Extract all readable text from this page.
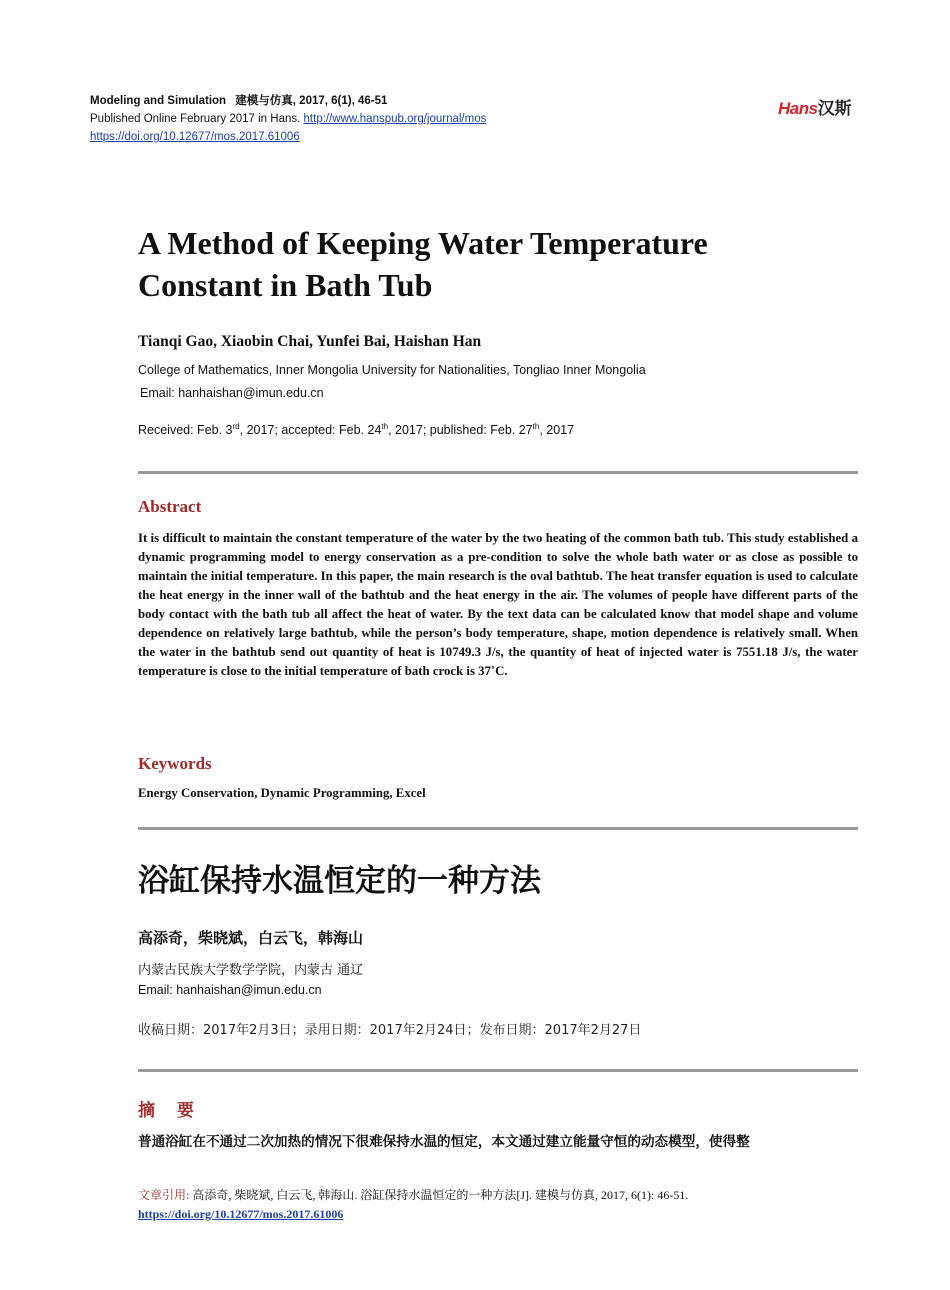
Modeling and Simulation 建模与仿真, 2017, 6(1), 46-51
Published Online February 2017 in Hans. http://www.hanspub.org/journal/mos
https://doi.org/10.12677/mos.2017.61006
Hans汉斯
A Method of Keeping Water Temperature
Constant in Bath Tub
Tianqi Gao, Xiaobin Chai, Yunfei Bai, Haishan Han
College of Mathematics, Inner Mongolia University for Nationalities, Tongliao Inner Mongolia
Email: hanhaishan@imun.edu.cn
Received: Feb. 3rd, 2017; accepted: Feb. 24th, 2017; published: Feb. 27th, 2017
Abstract
It is difficult to maintain the constant temperature of the water by the two heating of the common bath tub. This study established a dynamic programming model to energy conservation as a pre-condition to solve the whole bath water or as close as possible to maintain the initial temperature. In this paper, the main research is the oval bathtub. The heat transfer equation is used to calculate the heat energy in the inner wall of the bathtub and the heat energy in the air. The volumes of people have different parts of the body contact with the bath tub all affect the heat of water. By the text data can be calculated know that model shape and volume dependence on relatively large bathtub, while the person’s body temperature, shape, motion dependence is relatively small. When the water in the bathtub send out quantity of heat is 10749.3 J/s, the quantity of heat of injected water is 7551.18 J/s, the water temperature is close to the initial temperature of bath crock is 37˚C.
Keywords
Energy Conservation, Dynamic Programming, Excel
浴缸保持水温恒定的一种方法
高添奇，柴晓斌，白云飞，韩海山
内蒙古民族大学数学学院，内蒙古 通辽
Email: hanhaishan@imun.edu.cn
收稿日期：2017年2月3日；录用日期：2017年2月24日；发布日期：2017年2月27日
摘 要
普通浴缸在不通过二次加热的情况下很难保持水温的恒定，本文通过建立能量守恒的动态模型，使得整
文章引用: 高添奇, 柴晓斌, 白云飞, 韩海山. 浴缸保持水温恒定的一种方法[J]. 建模与仿真, 2017, 6(1): 46-51.
https://doi.org/10.12677/mos.2017.61006
